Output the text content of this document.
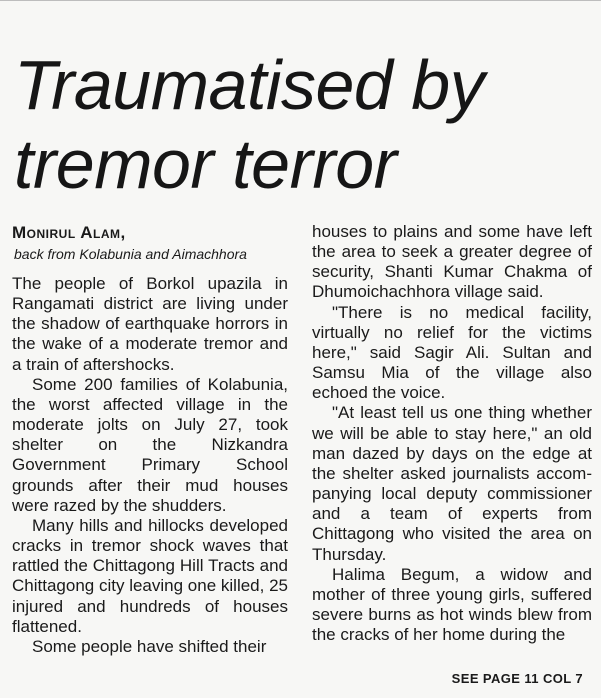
Traumatised by
tremor terror
Monirul Alam,
back from Kolabunia and Aimachhora

The people of Borkol upazila in Rangamati district are living under the shadow of earthquake horrors in the wake of a moderate tremor and a train of aftershocks.

Some 200 families of Kolabunia, the worst affected village in the moderate jolts on July 27, took shelter on the Nizkandra Government Primary School grounds after their mud houses were razed by the shudders.

Many hills and hillocks developed cracks in tremor shock waves that rattled the Chittagong Hill Tracts and Chittagong city leaving one killed, 25 injured and hundreds of houses flattened.

Some people have shifted their

houses to plains and some have left the area to seek a greater degree of security, Shanti Kumar Chakma of Dhumoichachhora village said.

"There is no medical facility, virtually no relief for the victims here," said Sagir Ali. Sultan and Samsu Mia of the village also echoed the voice.

"At least tell us one thing whether we will be able to stay here," an old man dazed by days on the edge at the shelter asked journalists accompanying local deputy commissioner and a team of experts from Chittagong who visited the area on Thursday.

Halima Begum, a widow and mother of three young girls, suffered severe burns as hot winds blew from the cracks of her home during the

SEE PAGE 11 COL 7
